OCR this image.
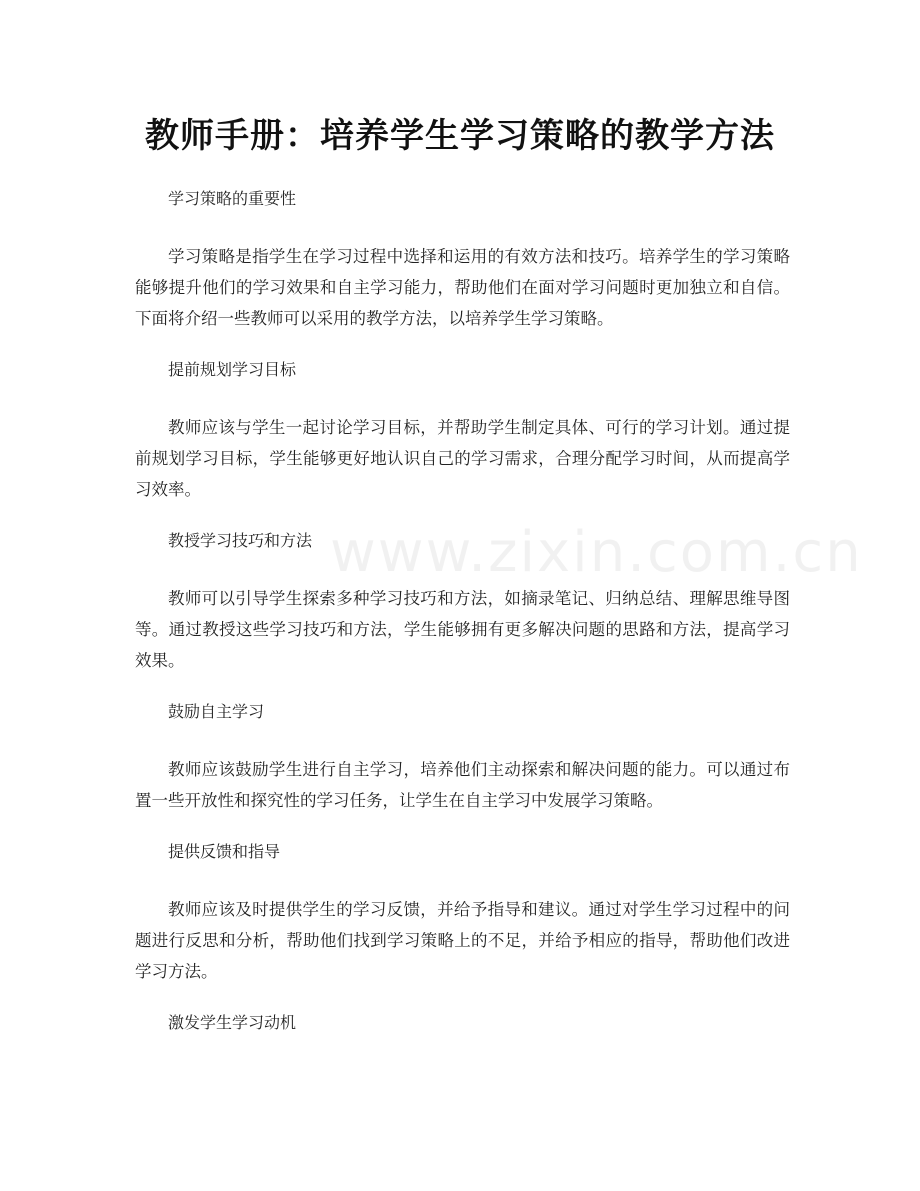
www.zixin.com.cn
教师手册：培养学生学习策略的教学方法

学习策略的重要性

学习策略是指学生在学习过程中选择和运用的有效方法和技巧。培养学生的学习策略能够提升他们的学习效果和自主学习能力，帮助他们在面对学习问题时更加独立和自信。下面将介绍一些教师可以采用的教学方法，以培养学生学习策略。

提前规划学习目标

教师应该与学生一起讨论学习目标，并帮助学生制定具体、可行的学习计划。通过提前规划学习目标，学生能够更好地认识自己的学习需求，合理分配学习时间，从而提高学习效率。

教授学习技巧和方法

教师可以引导学生探索多种学习技巧和方法，如摘录笔记、归纳总结、理解思维导图等。通过教授这些学习技巧和方法，学生能够拥有更多解决问题的思路和方法，提高学习效果。

鼓励自主学习

教师应该鼓励学生进行自主学习，培养他们主动探索和解决问题的能力。可以通过布置一些开放性和探究性的学习任务，让学生在自主学习中发展学习策略。

提供反馈和指导

教师应该及时提供学生的学习反馈，并给予指导和建议。通过对学生学习过程中的问题进行反思和分析，帮助他们找到学习策略上的不足，并给予相应的指导，帮助他们改进学习方法。

激发学生学习动机
